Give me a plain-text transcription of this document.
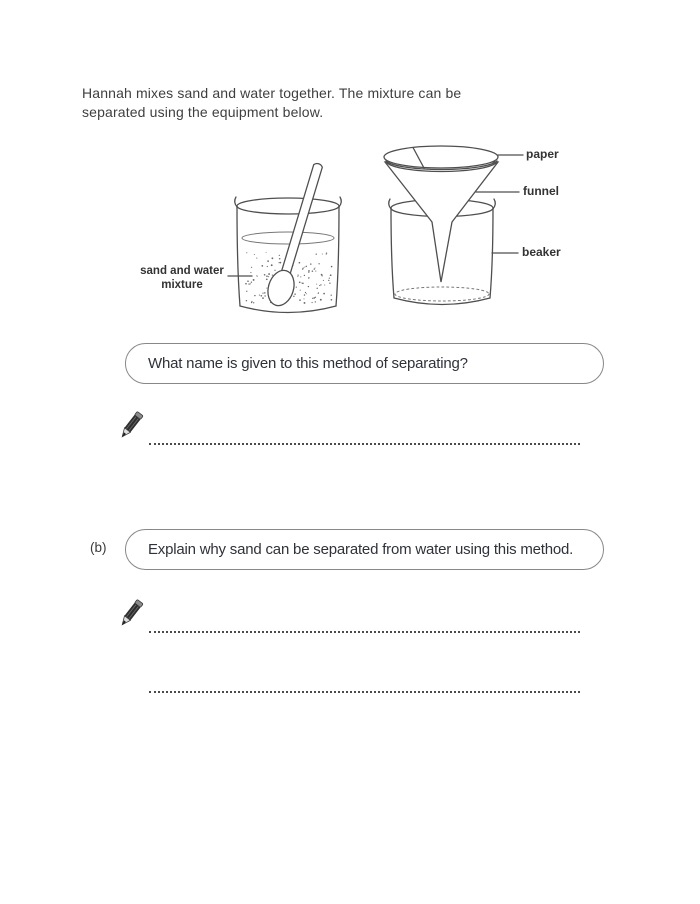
Hannah mixes sand and water together. The mixture can be
separated using the equipment below.
sand and water
mixture
paper
funnel
beaker
What name is given to this method of separating?
(b)	Explain why sand can be separated from water using this method.
